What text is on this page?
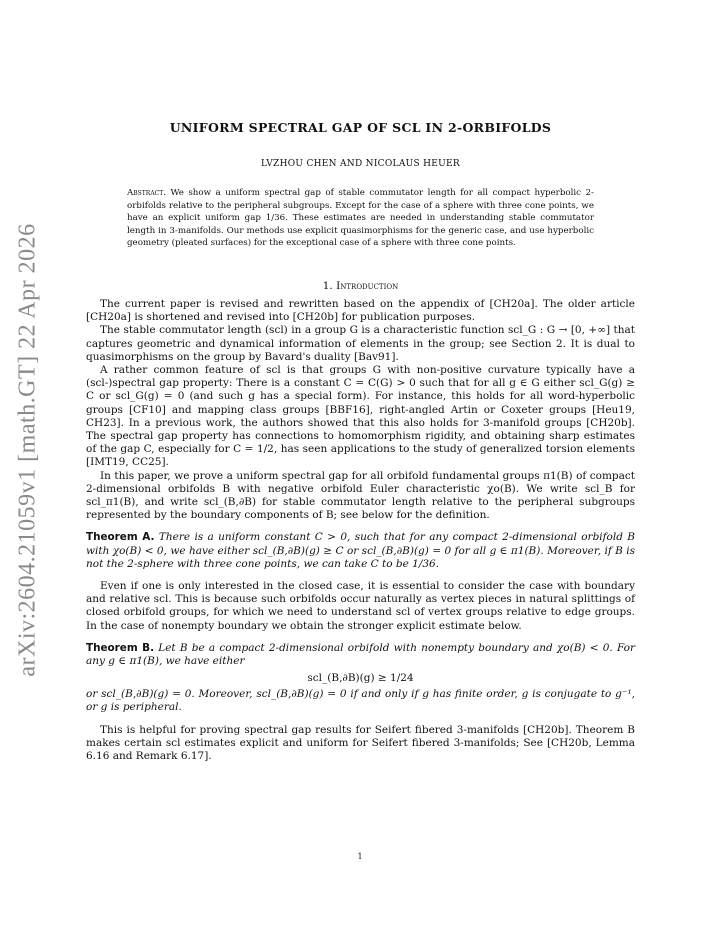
arXiv:2604.21059v1 [math.GT] 22 Apr 2026
UNIFORM SPECTRAL GAP OF SCL IN 2-ORBIFOLDS
LVZHOU CHEN AND NICOLAUS HEUER
Abstract. We show a uniform spectral gap of stable commutator length for all compact hyperbolic 2-orbifolds relative to the peripheral subgroups. Except for the case of a sphere with three cone points, we have an explicit uniform gap 1/36. These estimates are needed in understanding stable commutator length in 3-manifolds. Our methods use explicit quasimorphisms for the generic case, and use hyperbolic geometry (pleated surfaces) for the exceptional case of a sphere with three cone points.
1. Introduction

The current paper is revised and rewritten based on the appendix of [CH20a]. The older article [CH20a] is shortened and revised into [CH20b] for publication purposes.

The stable commutator length (scl) in a group G is a characteristic function scl_G : G → [0, +∞] that captures geometric and dynamical information of elements in the group; see Section 2. It is dual to quasimorphisms on the group by Bavard's duality [Bav91].

A rather common feature of scl is that groups G with non-positive curvature typically have a (scl-)spectral gap property: There is a constant C = C(G) > 0 such that for all g ∈ G either scl_G(g) ≥ C or scl_G(g) = 0 (and such g has a special form). For instance, this holds for all word-hyperbolic groups [CF10] and mapping class groups [BBF16], right-angled Artin or Coxeter groups [Heu19, CH23]. In a previous work, the authors showed that this also holds for 3-manifold groups [CH20b]. The spectral gap property has connections to homomorphism rigidity, and obtaining sharp estimates of the gap C, especially for C = 1/2, has seen applications to the study of generalized torsion elements [IMT19, CC25].

In this paper, we prove a uniform spectral gap for all orbifold fundamental groups π1(B) of compact 2-dimensional orbifolds B with negative orbifold Euler characteristic χo(B). We write scl_B for scl_π1(B), and write scl_(B,∂B) for stable commutator length relative to the peripheral subgroups represented by the boundary components of B; see below for the definition.

Theorem A. There is a uniform constant C > 0, such that for any compact 2-dimensional orbifold B with χo(B) < 0, we have either scl_(B,∂B)(g) ≥ C or scl_(B,∂B)(g) = 0 for all g ∈ π1(B). Moreover, if B is not the 2-sphere with three cone points, we can take C to be 1/36.

Even if one is only interested in the closed case, it is essential to consider the case with boundary and relative scl. This is because such orbifolds occur naturally as vertex pieces in natural splittings of closed orbifold groups, for which we need to understand scl of vertex groups relative to edge groups. In the case of nonempty boundary we obtain the stronger explicit estimate below.

Theorem B. Let B be a compact 2-dimensional orbifold with nonempty boundary and χo(B) < 0. For any g ∈ π1(B), we have either

scl_(B,∂B)(g) ≥ 1/24

or scl_(B,∂B)(g) = 0. Moreover, scl_(B,∂B)(g) = 0 if and only if g has finite order, g is conjugate to g⁻¹, or g is peripheral.

This is helpful for proving spectral gap results for Seifert fibered 3-manifolds [CH20b]. Theorem B makes certain scl estimates explicit and uniform for Seifert fibered 3-manifolds; See [CH20b, Lemma 6.16 and Remark 6.17].

1
